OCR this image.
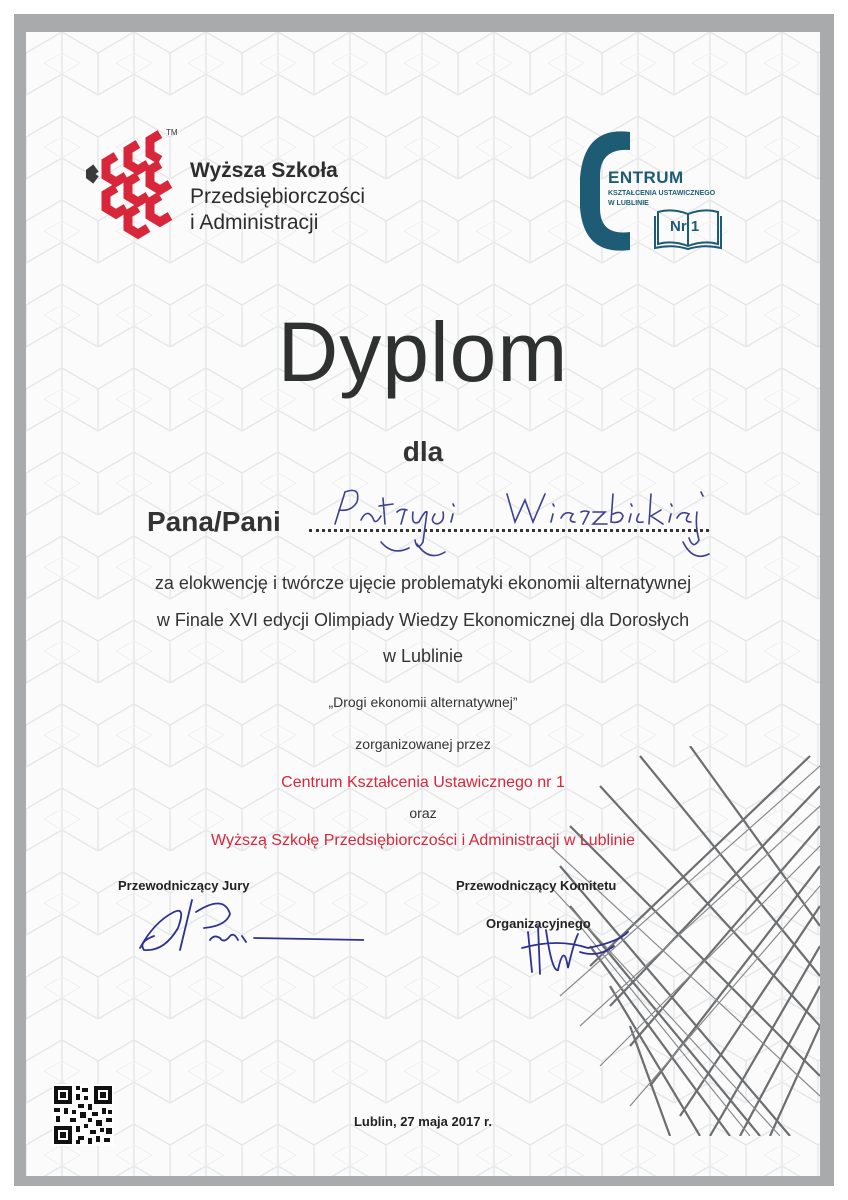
TM
Wyższa Szkoła
Przedsiębiorczości
i Administracji
ENTRUM
KSZTAŁCENIA USTAWICZNEGO
W LUBLINIE
Nr 1
Dyplom
dla
Pana/Pani
za elokwencję i twórcze ujęcie problematyki ekonomii alternatywnej
w Finale XVI edycji Olimpiady Wiedzy Ekonomicznej dla Dorosłych
w Lublinie
„Drogi ekonomii alternatywnej”
zorganizowanej przez
Centrum Kształcenia Ustawicznego nr 1
oraz
Wyższą Szkołę Przedsiębiorczości i Administracji w Lublinie
Przewodniczący Jury	Przewodniczący Komitetu
Organizacyjnego
Lublin, 27 maja 2017 r.
